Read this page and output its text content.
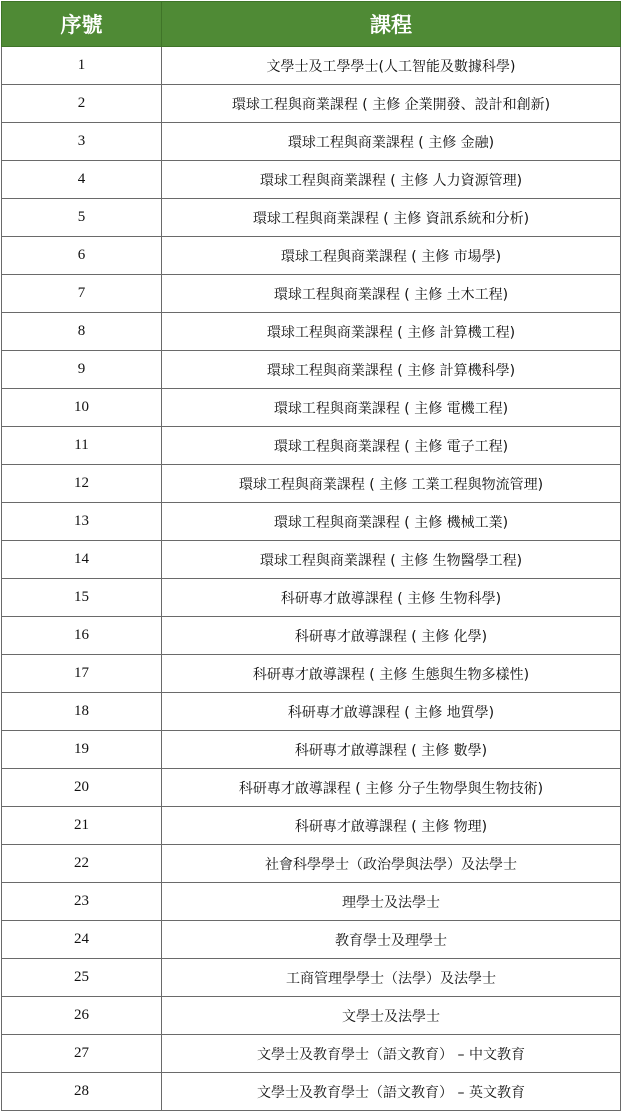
序號	課程
1	文學士及工學學士(人工智能及數據科學)
2	環球工程與商業課程 ( 主修 企業開發、設計和創新)
3	環球工程與商業課程 ( 主修 金融)
4	環球工程與商業課程 ( 主修 人力資源管理)
5	環球工程與商業課程 ( 主修 資訊系統和分析)
6	環球工程與商業課程 ( 主修 市場學)
7	環球工程與商業課程 ( 主修 土木工程)
8	環球工程與商業課程 ( 主修 計算機工程)
9	環球工程與商業課程 ( 主修 計算機科學)
10	環球工程與商業課程 ( 主修 電機工程)
11	環球工程與商業課程 ( 主修 電子工程)
12	環球工程與商業課程 ( 主修 工業工程與物流管理)
13	環球工程與商業課程 ( 主修 機械工業)
14	環球工程與商業課程 ( 主修 生物醫學工程)
15	科研專才啟導課程 ( 主修 生物科學)
16	科研專才啟導課程 ( 主修 化學)
17	科研專才啟導課程 ( 主修 生態與生物多樣性)
18	科研專才啟導課程 ( 主修 地質學)
19	科研專才啟導課程 ( 主修 數學)
20	科研專才啟導課程 ( 主修 分子生物學與生物技術)
21	科研專才啟導課程 ( 主修 物理)
22	社會科學學士（政治學與法學）及法學士
23	理學士及法學士
24	教育學士及理學士
25	工商管理學學士（法學）及法學士
26	文學士及法學士
27	文學士及教育學士（語文教育） – 中文教育
28	文學士及教育學士（語文教育） – 英文教育
